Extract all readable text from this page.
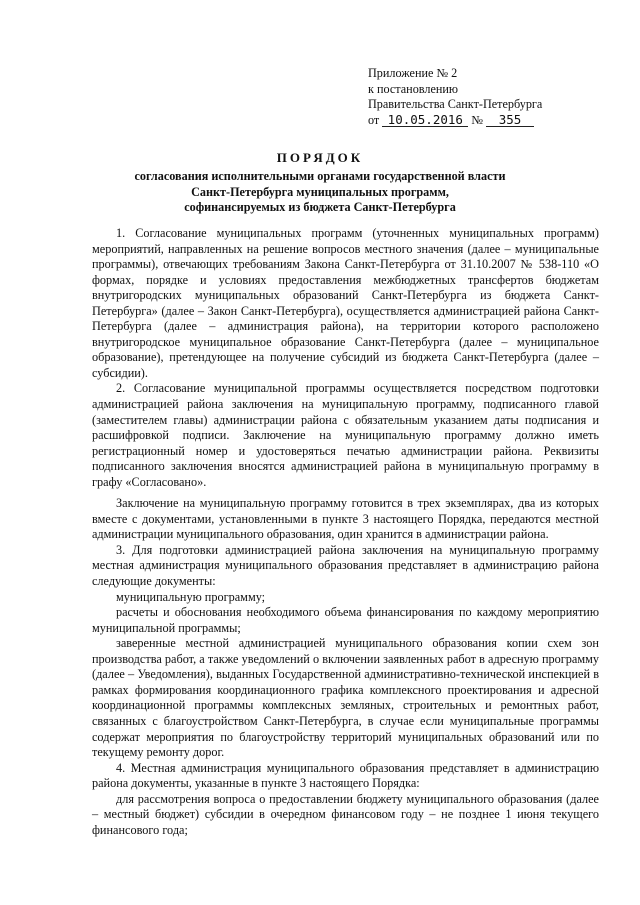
Приложение № 2
к постановлению
Правительства Санкт-Петербурга
от 10.05.2016 № 355
ПОРЯДОК
согласования исполнительными органами государственной власти
Санкт-Петербурга муниципальных программ,
софинансируемых из бюджета Санкт-Петербурга

1. Согласование муниципальных программ (уточненных муниципальных программ) мероприятий, направленных на решение вопросов местного значения (далее – муниципальные программы), отвечающих требованиям Закона Санкт-Петербурга от 31.10.2007 № 538-110 «О формах, порядке и условиях предоставления межбюджетных трансфертов бюджетам внутригородских муниципальных образований Санкт-Петербурга из бюджета Санкт-Петербурга» (далее – Закон Санкт-Петербурга), осуществляется администрацией района Санкт-Петербурга (далее – администрация района), на территории которого расположено внутригородское муниципальное образование Санкт-Петербурга (далее – муниципальное образование), претендующее на получение субсидий из бюджета Санкт-Петербурга (далее – субсидии).

2. Согласование муниципальной программы осуществляется посредством подготовки администрацией района заключения на муниципальную программу, подписанного главой (заместителем главы) администрации района с обязательным указанием даты подписания и расшифровкой подписи. Заключение на муниципальную программу должно иметь регистрационный номер и удостоверяться печатью администрации района. Реквизиты подписанного заключения вносятся администрацией района в муниципальную программу в графу «Согласовано».

Заключение на муниципальную программу готовится в трех экземплярах, два из которых вместе с документами, установленными в пункте 3 настоящего Порядка, передаются местной администрации муниципального образования, один хранится в администрации района.

3. Для подготовки администрацией района заключения на муниципальную программу местная администрация муниципального образования представляет в администрацию района следующие документы:

муниципальную программу;

расчеты и обоснования необходимого объема финансирования по каждому мероприятию муниципальной программы;

заверенные местной администрацией муниципального образования копии схем зон производства работ, а также уведомлений о включении заявленных работ в адресную программу (далее – Уведомления), выданных Государственной административно-технической инспекцией в рамках формирования координационного графика комплексного проектирования и адресной координационной программы комплексных земляных, строительных и ремонтных работ, связанных с благоустройством Санкт-Петербурга, в случае если муниципальные программы содержат мероприятия по благоустройству территорий муниципальных образований или по текущему ремонту дорог.

4. Местная администрация муниципального образования представляет в администрацию района документы, указанные в пункте 3 настоящего Порядка:

для рассмотрения вопроса о предоставлении бюджету муниципального образования (далее – местный бюджет) субсидии в очередном финансовом году – не позднее 1 июня текущего финансового года;
